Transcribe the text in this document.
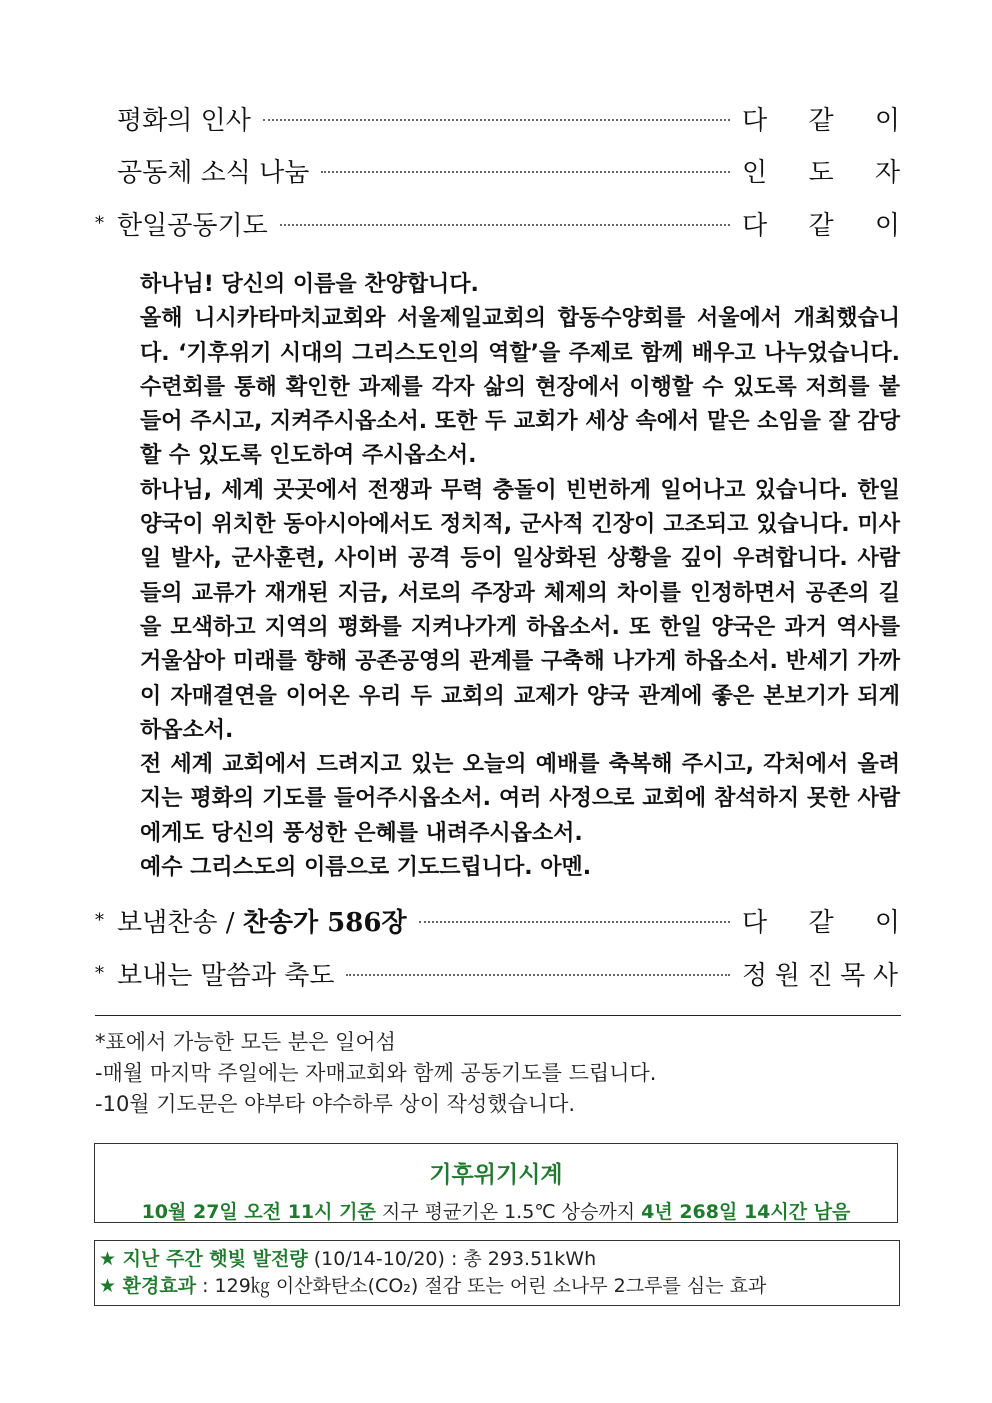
평화의 인사	다 같 이
공동체 소식 나눔	인 도 자
* 한일공동기도	다 같 이

하나님! 당신의 이름을 찬양합니다.

올해 니시카타마치교회와 서울제일교회의 합동수양회를 서울에서 개최했습니다. ‘기후위기 시대의 그리스도인의 역할’을 주제로 함께 배우고 나누었습니다. 수련회를 통해 확인한 과제를 각자 삶의 현장에서 이행할 수 있도록 저희를 붙들어 주시고, 지켜주시옵소서. 또한 두 교회가 세상 속에서 맡은 소임을 잘 감당할 수 있도록 인도하여 주시옵소서.

하나님, 세계 곳곳에서 전쟁과 무력 충돌이 빈번하게 일어나고 있습니다. 한일 양국이 위치한 동아시아에서도 정치적, 군사적 긴장이 고조되고 있습니다. 미사일 발사, 군사훈련, 사이버 공격 등이 일상화된 상황을 깊이 우려합니다. 사람들의 교류가 재개된 지금, 서로의 주장과 체제의 차이를 인정하면서 공존의 길을 모색하고 지역의 평화를 지켜나가게 하옵소서. 또 한일 양국은 과거 역사를 거울삼아 미래를 향해 공존공영의 관계를 구축해 나가게 하옵소서. 반세기 가까이 자매결연을 이어온 우리 두 교회의 교제가 양국 관계에 좋은 본보기가 되게 하옵소서.

전 세계 교회에서 드려지고 있는 오늘의 예배를 축복해 주시고, 각처에서 올려지는 평화의 기도를 들어주시옵소서. 여러 사정으로 교회에 참석하지 못한 사람에게도 당신의 풍성한 은혜를 내려주시옵소서.

예수 그리스도의 이름으로 기도드립니다. 아멘.

* 보냄찬송 / 찬송가 586장	다 같 이
* 보내는 말씀과 축도	정 원 진 목 사
*표에서 가능한 모든 분은 일어섬
-매월 마지막 주일에는 자매교회와 함께 공동기도를 드립니다.
-10월 기도문은 야부타 야수하루 상이 작성했습니다.
기후위기시계
10월 27일 오전 11시 기준 지구 평균기온 1.5℃ 상승까지 4년 268일 14시간 남음
★ 지난 주간 햇빛 발전량 (10/14-10/20) : 총 293.51kWh
★ 환경효과 : 129㎏ 이산화탄소(CO₂) 절감 또는 어린 소나무 2그루를 심는 효과
